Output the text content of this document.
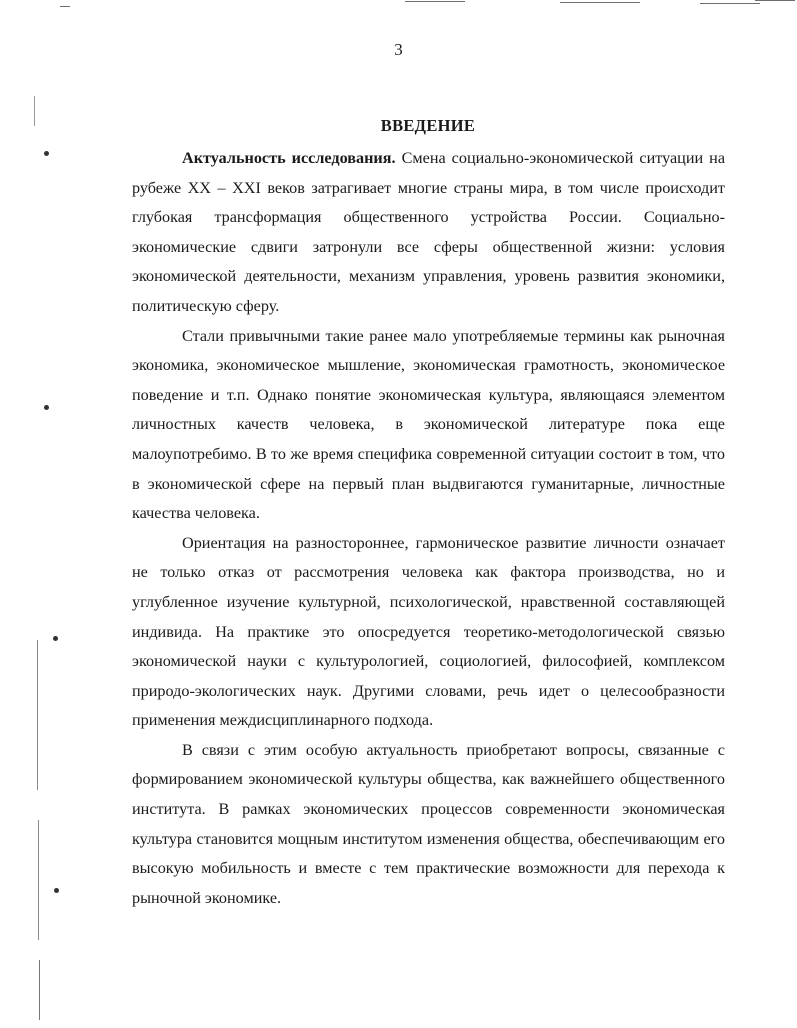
3
ВВЕДЕНИЕ

Актуальность исследования. Смена социально-экономической ситуации на рубеже XX – XXI веков затрагивает многие страны мира, в том числе происходит глубокая трансформация общественного устройства России. Социально-экономические сдвиги затронули все сферы общественной жизни: условия экономической деятельности, механизм управления, уровень развития экономики, политическую сферу.

Стали привычными такие ранее мало употребляемые термины как рыночная экономика, экономическое мышление, экономическая грамотность, экономическое поведение и т.п. Однако понятие экономическая культура, являющаяся элементом личностных качеств человека, в экономической литературе пока еще малоупотребимо. В то же время специфика современной ситуации состоит в том, что в экономической сфере на первый план выдвигаются гуманитарные, личностные качества человека.

Ориентация на разностороннее, гармоническое развитие личности означает не только отказ от рассмотрения человека как фактора производства, но и углубленное изучение культурной, психологической, нравственной составляющей индивида. На практике это опосредуется теоретико-методологической связью экономической науки с культурологией, социологией, философией, комплексом природо-экологических наук. Другими словами, речь идет о целесообразности применения междисциплинарного подхода.

В связи с этим особую актуальность приобретают вопросы, связанные с формированием экономической культуры общества, как важнейшего общественного института. В рамках экономических процессов современности экономическая культура становится мощным институтом изменения общества, обеспечивающим его высокую мобильность и вместе с тем практические возможности для перехода к рыночной экономике.
